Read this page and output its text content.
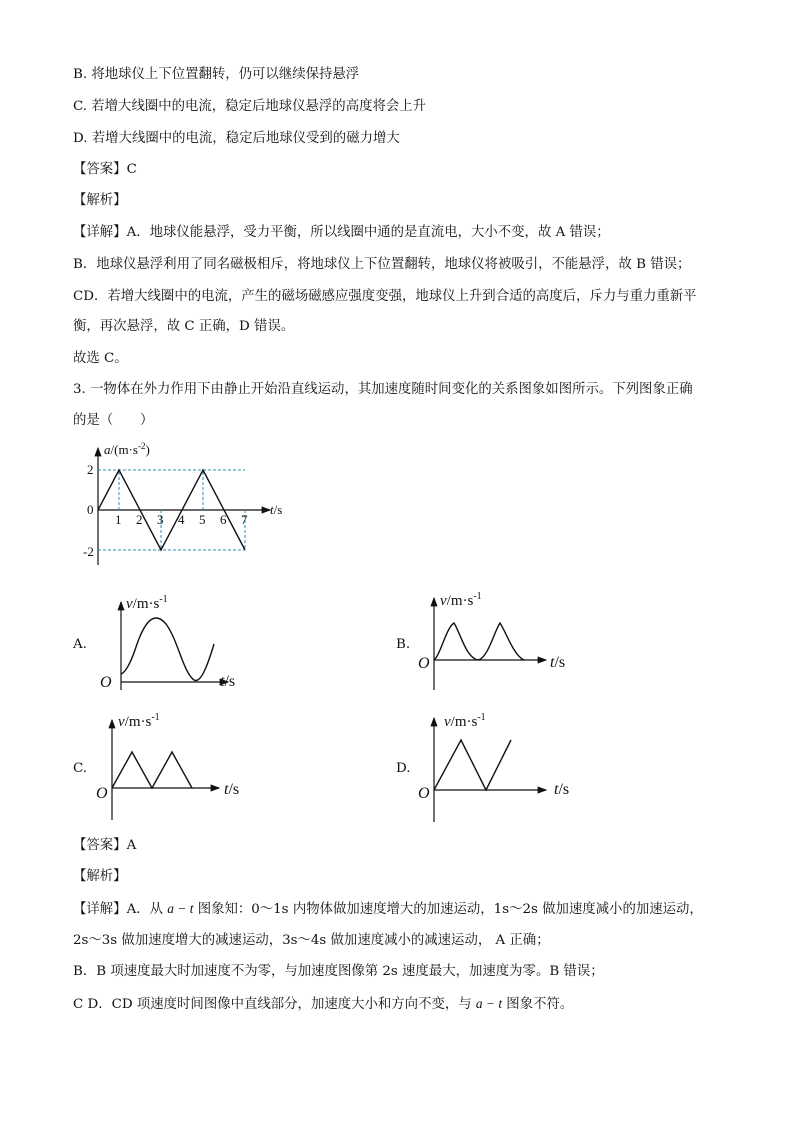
B. 将地球仪上下位置翻转，仍可以继续保持悬浮
C. 若增大线圈中的电流，稳定后地球仪悬浮的高度将会上升
D. 若增大线圈中的电流，稳定后地球仪受到的磁力增大
【答案】C
【解析】
【详解】A．地球仪能悬浮，受力平衡，所以线圈中通的是直流电，大小不变，故 A 错误；
B．地球仪悬浮利用了同名磁极相斥，将地球仪上下位置翻转，地球仪将被吸引，不能悬浮，故 B 错误；
CD．若增大线圈中的电流，产生的磁场磁感应强度变强，地球仪上升到合适的高度后，斥力与重力重新平
衡，再次悬浮，故 C 正确，D 错误。
故选 C。
3. 一物体在外力作用下由静止开始沿直线运动，其加速度随时间变化的关系图象如图所示。下列图象正确
的是（　　）
$a/(m\cdot s^{-2})$
t/s
0
2
-2
1 2 3 4 5 6 7
A.
$v/m\cdot s^{-1}$
O	t/s
B.
$v/m\cdot s^{-1}$
O	t/s
C.
$v/m\cdot s^{-1}$
O	t/s
D.
$v/m\cdot s^{-1}$
O	t/s
【答案】A
【解析】
【详解】A．从 a − t 图象知：0～1s 内物体做加速度增大的加速运动，1s～2s 做加速度减小的加速运动，
2s～3s 做加速度增大的减速运动，3s～4s 做加速度减小的减速运动， A 正确；
B．B 项速度最大时加速度不为零，与加速度图像第 2s 速度最大，加速度为零。B 错误；
C D．CD 项速度时间图像中直线部分，加速度大小和方向不变，与 a − t 图象不符。
